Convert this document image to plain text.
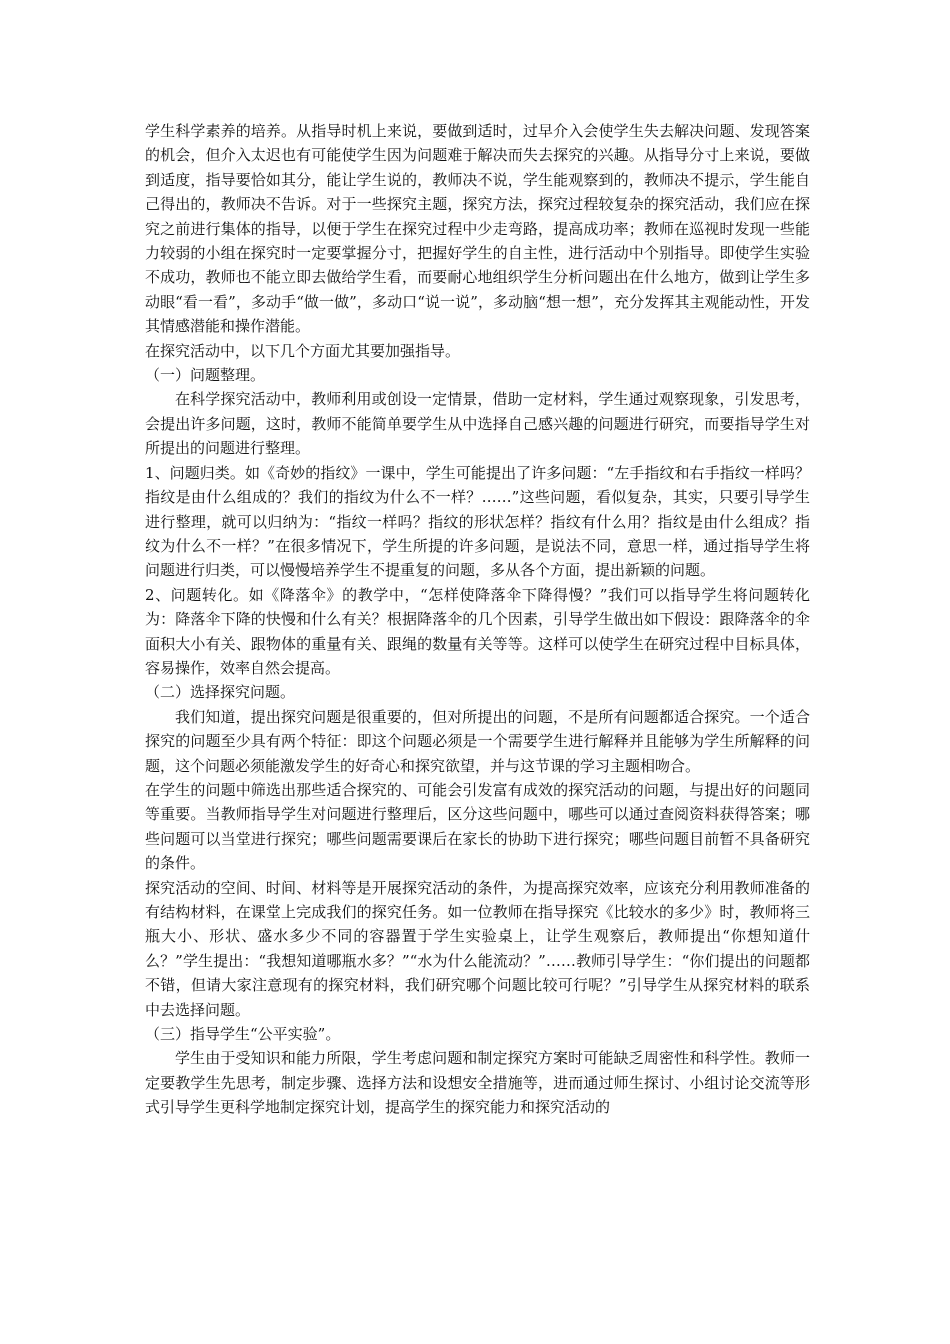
学生科学素养的培养。从指导时机上来说，要做到适时，过早介入会使学生失去解决问题、发现答案的机会，但介入太迟也有可能使学生因为问题难于解决而失去探究的兴趣。从指导分寸上来说，要做到适度，指导要恰如其分，能让学生说的，教师决不说，学生能观察到的，教师决不提示，学生能自己得出的，教师决不告诉。对于一些探究主题，探究方法，探究过程较复杂的探究活动，我们应在探究之前进行集体的指导，以便于学生在探究过程中少走弯路，提高成功率；教师在巡视时发现一些能力较弱的小组在探究时一定要掌握分寸，把握好学生的自主性，进行活动中个别指导。即使学生实验不成功，教师也不能立即去做给学生看，而要耐心地组织学生分析问题出在什么地方，做到让学生多动眼“看一看”，多动手“做一做”，多动口“说一说”，多动脑“想一想”，充分发挥其主观能动性，开发其情感潜能和操作潜能。

在探究活动中，以下几个方面尤其要加强指导。

（一）问题整理。

在科学探究活动中，教师利用或创设一定情景，借助一定材料，学生通过观察现象，引发思考，会提出许多问题，这时，教师不能简单要学生从中选择自己感兴趣的问题进行研究，而要指导学生对所提出的问题进行整理。

1、问题归类。如《奇妙的指纹》一课中，学生可能提出了许多问题：“左手指纹和右手指纹一样吗？指纹是由什么组成的？我们的指纹为什么不一样？……”这些问题，看似复杂，其实，只要引导学生进行整理，就可以归纳为：“指纹一样吗？指纹的形状怎样？指纹有什么用？指纹是由什么组成？指纹为什么不一样？”在很多情况下，学生所提的许多问题，是说法不同，意思一样，通过指导学生将问题进行归类，可以慢慢培养学生不提重复的问题，多从各个方面，提出新颖的问题。

2、问题转化。如《降落伞》的教学中，“怎样使降落伞下降得慢？”我们可以指导学生将问题转化为：降落伞下降的快慢和什么有关？根据降落伞的几个因素，引导学生做出如下假设：跟降落伞的伞面积大小有关、跟物体的重量有关、跟绳的数量有关等等。这样可以使学生在研究过程中目标具体，容易操作，效率自然会提高。

（二）选择探究问题。

我们知道，提出探究问题是很重要的，但对所提出的问题，不是所有问题都适合探究。一个适合探究的问题至少具有两个特征：即这个问题必须是一个需要学生进行解释并且能够为学生所解释的问题，这个问题必须能激发学生的好奇心和探究欲望，并与这节课的学习主题相吻合。

在学生的问题中筛选出那些适合探究的、可能会引发富有成效的探究活动的问题，与提出好的问题同等重要。当教师指导学生对问题进行整理后，区分这些问题中，哪些可以通过查阅资料获得答案；哪些问题可以当堂进行探究；哪些问题需要课后在家长的协助下进行探究；哪些问题目前暂不具备研究的条件。

探究活动的空间、时间、材料等是开展探究活动的条件，为提高探究效率，应该充分利用教师准备的有结构材料，在课堂上完成我们的探究任务。如一位教师在指导探究《比较水的多少》时，教师将三瓶大小、形状、盛水多少不同的容器置于学生实验桌上，让学生观察后，教师提出“你想知道什么？”学生提出：“我想知道哪瓶水多？”“水为什么能流动？”……教师引导学生：“你们提出的问题都不错，但请大家注意现有的探究材料，我们研究哪个问题比较可行呢？”引导学生从探究材料的联系中去选择问题。

（三）指导学生“公平实验”。

学生由于受知识和能力所限，学生考虑问题和制定探究方案时可能缺乏周密性和科学性。教师一定要教学生先思考，制定步骤、选择方法和设想安全措施等，进而通过师生探讨、小组讨论交流等形式引导学生更科学地制定探究计划，提高学生的探究能力和探究活动的
